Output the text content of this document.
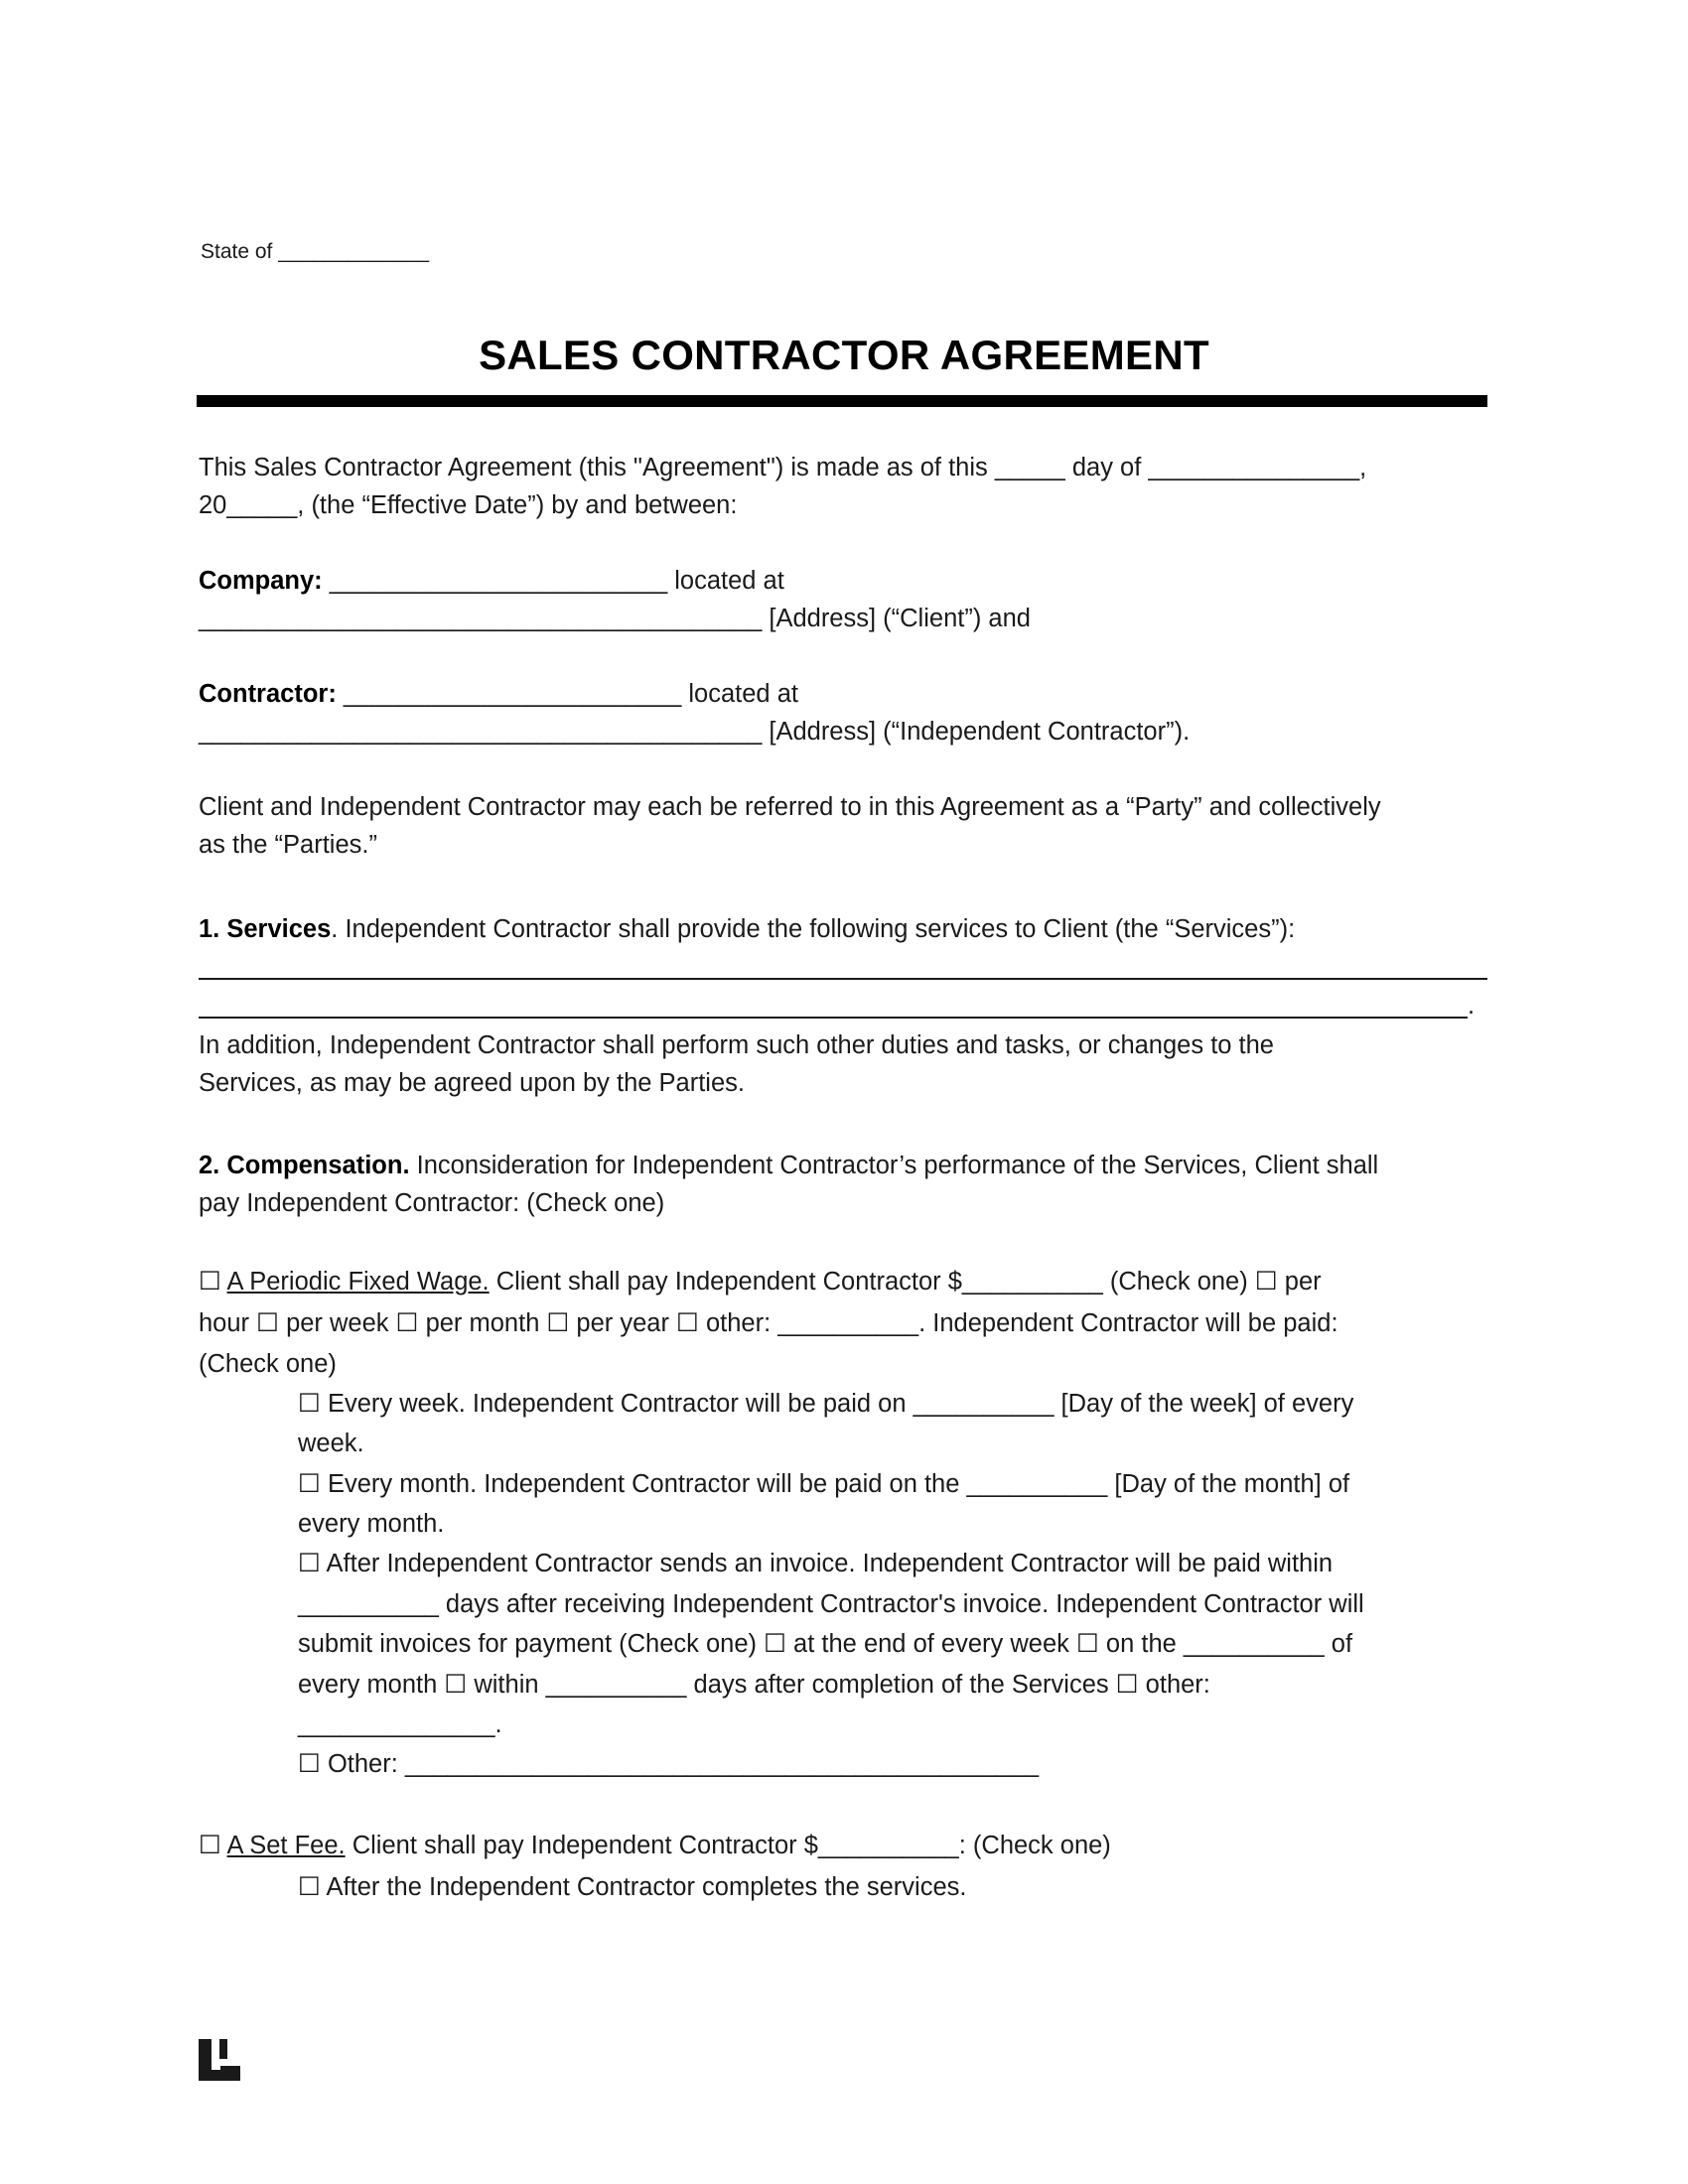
State of _____________
SALES CONTRACTOR AGREEMENT
This Sales Contractor Agreement (this "Agreement") is made as of this _____ day of _______________,
20_____, (the “Effective Date”) by and between:
Company: ________________________ located at
________________________________________ [Address] (“Client”) and
Contractor: ________________________ located at
________________________________________ [Address] (“Independent Contractor”).
Client and Independent Contractor may each be referred to in this Agreement as a “Party” and collectively
as the “Parties.”
1. Services. Independent Contractor shall provide the following services to Client (the “Services”):
.
In addition, Independent Contractor shall perform such other duties and tasks, or changes to the
Services, as may be agreed upon by the Parties.
2. Compensation. Inconsideration for Independent Contractor’s performance of the Services, Client shall
pay Independent Contractor: (Check one)
☐ A Periodic Fixed Wage. Client shall pay Independent Contractor $__________ (Check one) ☐ per
hour ☐ per week ☐ per month ☐ per year ☐ other: __________. Independent Contractor will be paid:
(Check one)
☐ Every week. Independent Contractor will be paid on __________ [Day of the week] of every
week.
☐ Every month. Independent Contractor will be paid on the __________ [Day of the month] of
every month.
☐ After Independent Contractor sends an invoice. Independent Contractor will be paid within
__________ days after receiving Independent Contractor's invoice. Independent Contractor will
submit invoices for payment (Check one) ☐ at the end of every week ☐ on the __________ of
every month ☐ within __________ days after completion of the Services ☐ other:
______________.
☐ Other: _____________________________________________
☐ A Set Fee. Client shall pay Independent Contractor $__________: (Check one)
☐ After the Independent Contractor completes the services.
